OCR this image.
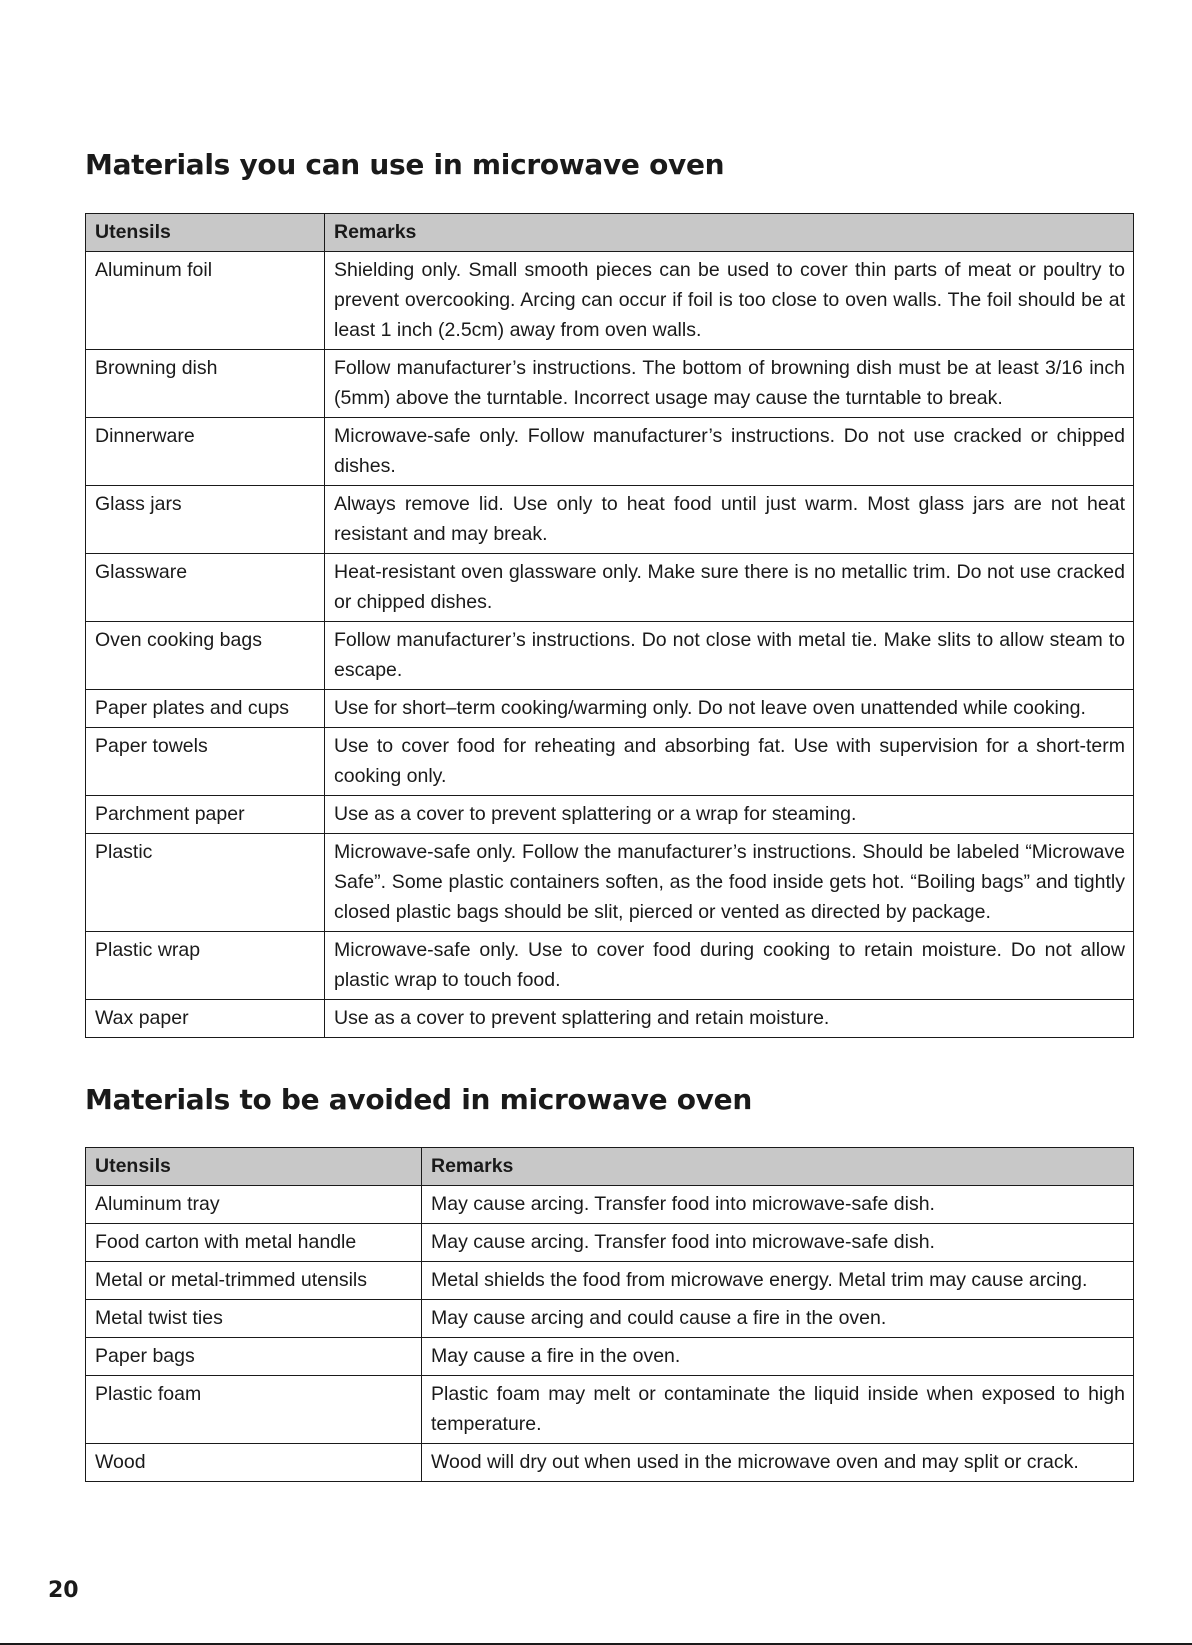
Materials you can use in microwave oven
Utensils	Remarks
Aluminum foil	Shielding only. Small smooth pieces can be used to cover thin parts of meat or poultry to prevent overcooking. Arcing can occur if foil is too close to oven walls. The foil should be at least 1 inch (2.5cm) away from oven walls.
Browning dish	Follow manufacturer’s instructions. The bottom of browning dish must be at least 3/16 inch (5mm) above the turntable. Incorrect usage may cause the turntable to break.
Dinnerware	Microwave-safe only. Follow manufacturer’s instructions. Do not use cracked or chipped dishes.
Glass jars	Always remove lid. Use only to heat food until just warm. Most glass jars are not heat resistant and may break.
Glassware	Heat-resistant oven glassware only. Make sure there is no metallic trim. Do not use cracked or chipped dishes.
Oven cooking bags	Follow manufacturer’s instructions. Do not close with metal tie. Make slits to allow steam to escape.
Paper plates and cups	Use for short–term cooking/warming only. Do not leave oven unattended while cooking.
Paper towels	Use to cover food for reheating and absorbing fat. Use with supervision for a short-term cooking only.
Parchment paper	Use as a cover to prevent splattering or a wrap for steaming.
Plastic	Microwave-safe only. Follow the manufacturer’s instructions. Should be labeled “Microwave Safe”. Some plastic containers soften, as the food inside gets hot. “Boiling bags” and tightly closed plastic bags should be slit, pierced or vented as directed by package.
Plastic wrap	Microwave-safe only. Use to cover food during cooking to retain moisture. Do not allow plastic wrap to touch food.
Wax paper	Use as a cover to prevent splattering and retain moisture.
Materials to be avoided in microwave oven
Utensils	Remarks
Aluminum tray	May cause arcing. Transfer food into microwave-safe dish.
Food carton with metal handle	May cause arcing. Transfer food into microwave-safe dish.
Metal or metal-trimmed utensils	Metal shields the food from microwave energy. Metal trim may cause arcing.
Metal twist ties	May cause arcing and could cause a fire in the oven.
Paper bags	May cause a fire in the oven.
Plastic foam	Plastic foam may melt or contaminate the liquid inside when exposed to high temperature.
Wood	Wood will dry out when used in the microwave oven and may split or crack.
20
